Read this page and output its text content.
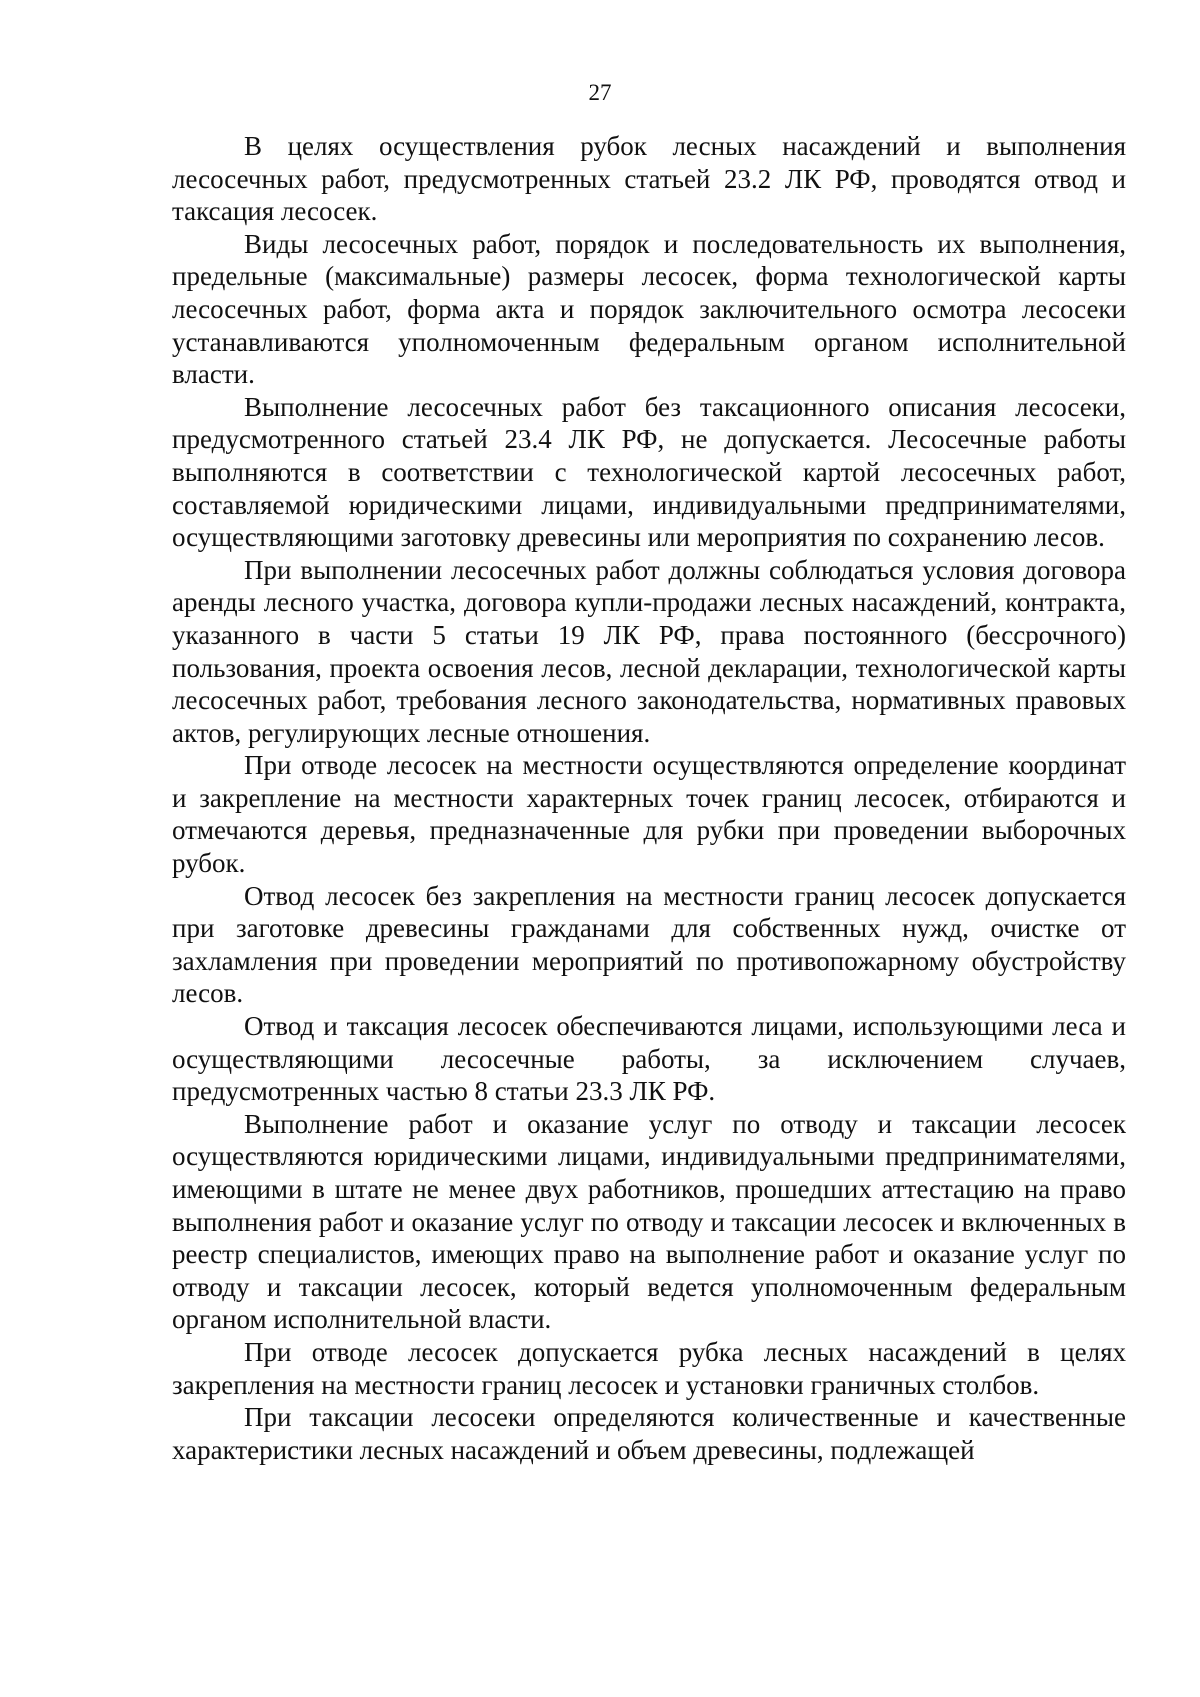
27

В целях осуществления рубок лесных насаждений и выполнения лесосечных работ, предусмотренных статьей 23.2 ЛК РФ, проводятся отвод и таксация лесосек.

Виды лесосечных работ, порядок и последовательность их выполнения, предельные (максимальные) размеры лесосек, форма технологической карты лесосечных работ, форма акта и порядок заключительного осмотра лесосеки устанавливаются уполномоченным федеральным органом исполнительной власти.

Выполнение лесосечных работ без таксационного описания лесосеки, предусмотренного статьей 23.4 ЛК РФ, не допускается. Лесосечные работы выполняются в соответствии с технологической картой лесосечных работ, составляемой юридическими лицами, индивидуальными предпринимателями, осуществляющими заготовку древесины или мероприятия по сохранению лесов.

При выполнении лесосечных работ должны соблюдаться условия договора аренды лесного участка, договора купли-продажи лесных насаждений, контракта, указанного в части 5 статьи 19 ЛК РФ, права постоянного (бессрочного) пользования, проекта освоения лесов, лесной декларации, технологической карты лесосечных работ, требования лесного законодательства, нормативных правовых актов, регулирующих лесные отношения.

При отводе лесосек на местности осуществляются определение координат и закрепление на местности характерных точек границ лесосек, отбираются и отмечаются деревья, предназначенные для рубки при проведении выборочных рубок.

Отвод лесосек без закрепления на местности границ лесосек допускается при заготовке древесины гражданами для собственных нужд, очистке от захламления при проведении мероприятий по противопожарному обустройству лесов.

Отвод и таксация лесосек обеспечиваются лицами, использующими леса и осуществляющими лесосечные работы, за исключением случаев, предусмотренных частью 8 статьи 23.3 ЛК РФ.

Выполнение работ и оказание услуг по отводу и таксации лесосек осуществляются юридическими лицами, индивидуальными предпринимателями, имеющими в штате не менее двух работников, прошедших аттестацию на право выполнения работ и оказание услуг по отводу и таксации лесосек и включенных в реестр специалистов, имеющих право на выполнение работ и оказание услуг по отводу и таксации лесосек, который ведется уполномоченным федеральным органом исполнительной власти.

При отводе лесосек допускается рубка лесных насаждений в целях закрепления на местности границ лесосек и установки граничных столбов.

При таксации лесосеки определяются количественные и качественные характеристики лесных насаждений и объем древесины, подлежащей
